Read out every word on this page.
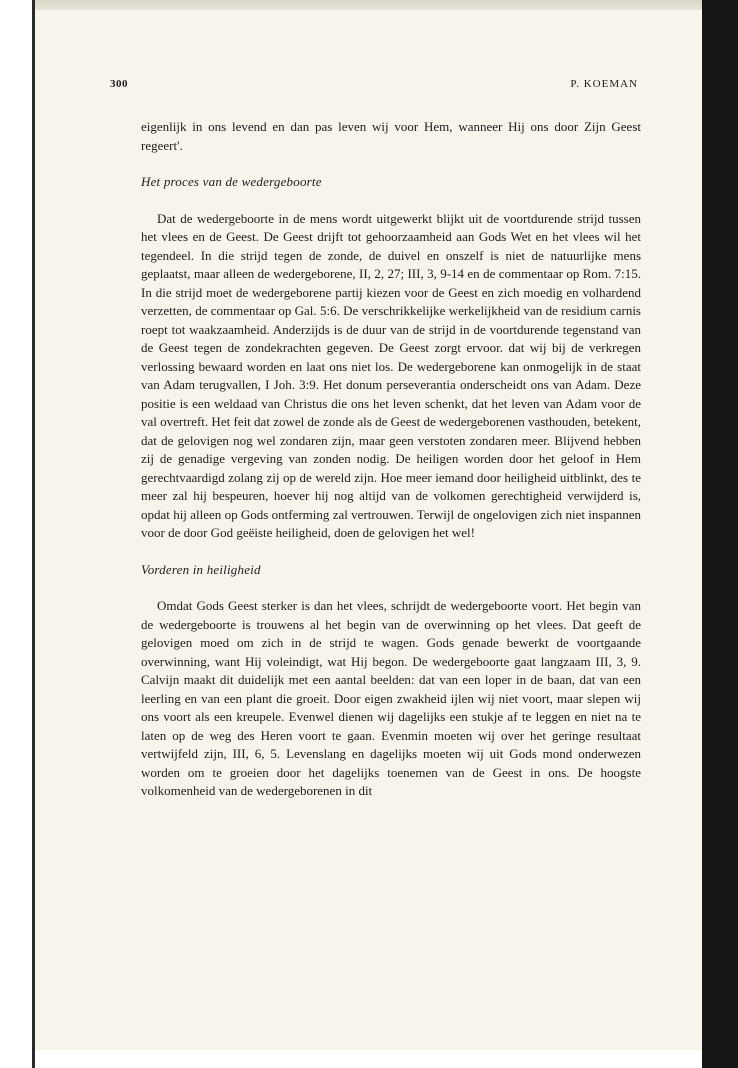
300	P. KOEMAN

eigenlijk in ons levend en dan pas leven wij voor Hem, wanneer Hij ons door Zijn Geest regeert'.

Het proces van de wedergeboorte

Dat de wedergeboorte in de mens wordt uitgewerkt blijkt uit de voortdurende strijd tussen het vlees en de Geest. De Geest drijft tot gehoorzaamheid aan Gods Wet en het vlees wil het tegendeel. In die strijd tegen de zonde, de duivel en onszelf is niet de natuurlijke mens geplaatst, maar alleen de wedergeborene, II, 2, 27; III, 3, 9-14 en de commentaar op Rom. 7:15. In die strijd moet de wedergeborene partij kiezen voor de Geest en zich moedig en volhardend verzetten, de commentaar op Gal. 5:6. De verschrikkelijke werkelijkheid van de residium carnis roept tot waakzaamheid. Anderzijds is de duur van de strijd in de voortdurende tegenstand van de Geest tegen de zondekrachten gegeven. De Geest zorgt ervoor. dat wij bij de verkregen verlossing bewaard worden en laat ons niet los. De wedergeborene kan onmogelijk in de staat van Adam terugvallen, I Joh. 3:9. Het donum perseverantia onderscheidt ons van Adam. Deze positie is een weldaad van Christus die ons het leven schenkt, dat het leven van Adam voor de val overtreft. Het feit dat zowel de zonde als de Geest de wedergeborenen vasthouden, betekent, dat de gelovigen nog wel zondaren zijn, maar geen verstoten zondaren meer. Blijvend hebben zij de genadige vergeving van zonden nodig. De heiligen worden door het geloof in Hem gerechtvaardigd zolang zij op de wereld zijn. Hoe meer iemand door heiligheid uitblinkt, des te meer zal hij bespeuren, hoever hij nog altijd van de volkomen gerechtigheid verwijderd is, opdat hij alleen op Gods ontferming zal vertrouwen. Terwijl de ongelovigen zich niet inspannen voor de door God geëiste heiligheid, doen de gelovigen het wel!

Vorderen in heiligheid

Omdat Gods Geest sterker is dan het vlees, schrijdt de wedergeboorte voort. Het begin van de wedergeboorte is trouwens al het begin van de overwinning op het vlees. Dat geeft de gelovigen moed om zich in de strijd te wagen. Gods genade bewerkt de voortgaande overwinning, want Hij voleindigt, wat Hij begon. De wedergeboorte gaat langzaam III, 3, 9. Calvijn maakt dit duidelijk met een aantal beelden: dat van een loper in de baan, dat van een leerling en van een plant die groeit. Door eigen zwakheid ijlen wij niet voort, maar slepen wij ons voort als een kreupele. Evenwel dienen wij dagelijks een stukje af te leggen en niet na te laten op de weg des Heren voort te gaan. Evenmin moeten wij over het geringe resultaat vertwijfeld zijn, III, 6, 5. Levenslang en dagelijks moeten wij uit Gods mond onderwezen worden om te groeien door het dagelijks toenemen van de Geest in ons. De hoogste volkomenheid van de wedergeborenen in dit
